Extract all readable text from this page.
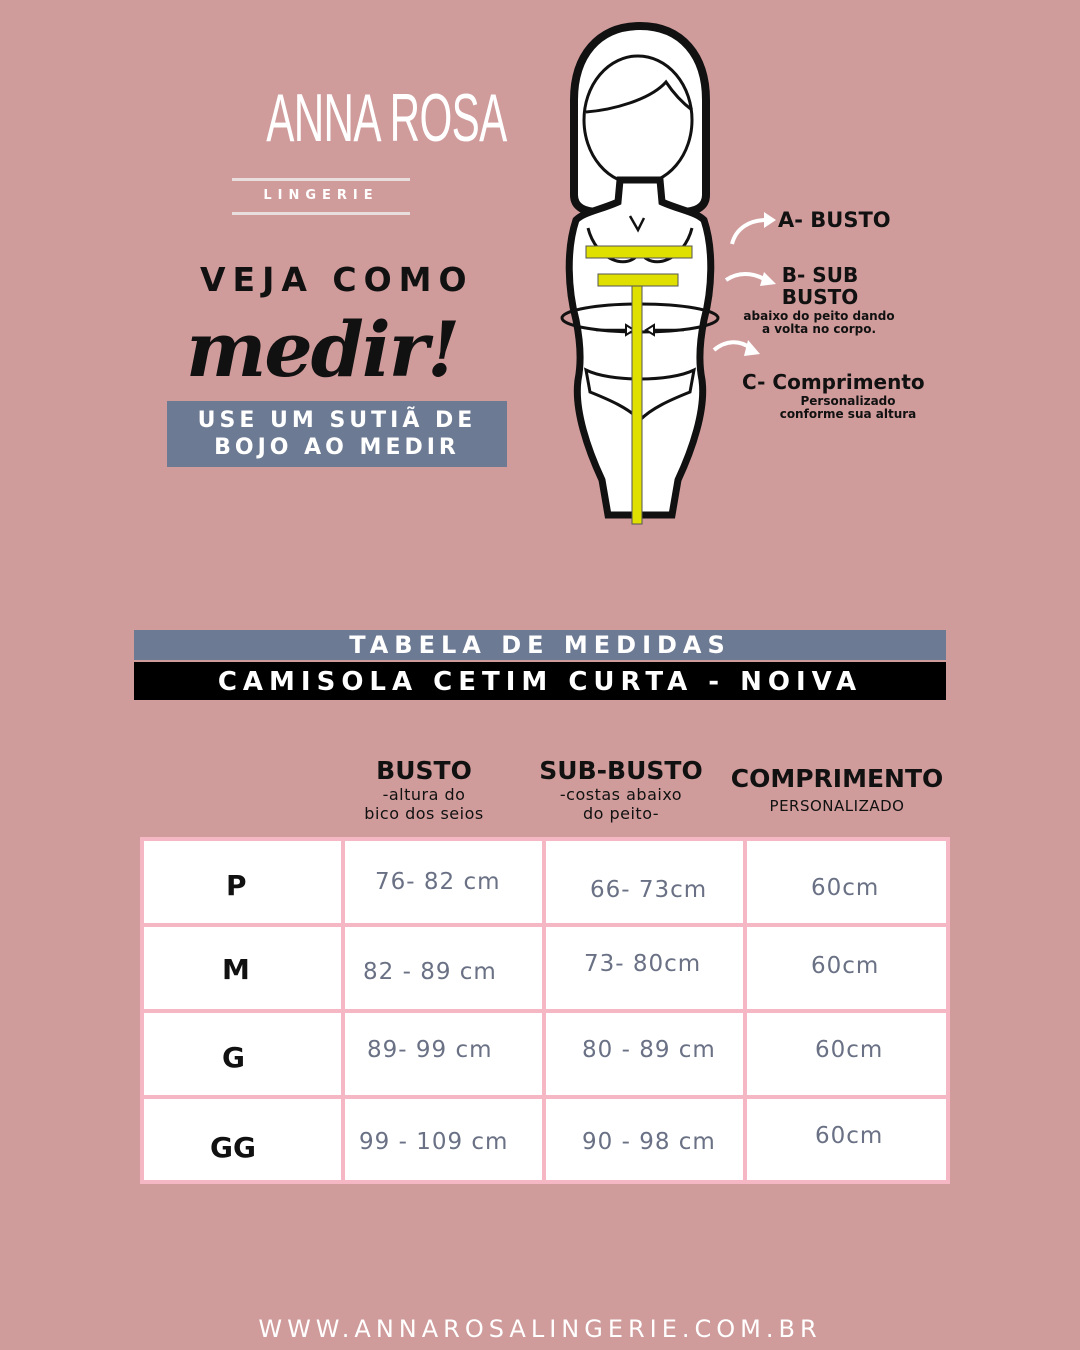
ANNA ROSA
LINGERIE
VEJA COMO
medir!
USE UM SUTIÃ DE
BOJO AO MEDIR
A- BUSTO
B- SUB
BUSTO
abaixo do peito dando
a volta no corpo.
C- Comprimento
Personalizado
conforme sua altura
TABELA DE MEDIDAS
CAMISOLA CETIM CURTA - NOIVA
BUSTO
-altura do
bico dos seios
SUB-BUSTO
-costas abaixo
do peito-
COMPRIMENTO
PERSONALIZADO
P	76- 82 cm	66- 73cm	60cm
M	82 - 89 cm	73- 80cm	60cm
G	89- 99 cm	80 - 89 cm	60cm
GG	99 - 109 cm	90 - 98 cm	60cm
WWW.ANNAROSALINGERIE.COM.BR
